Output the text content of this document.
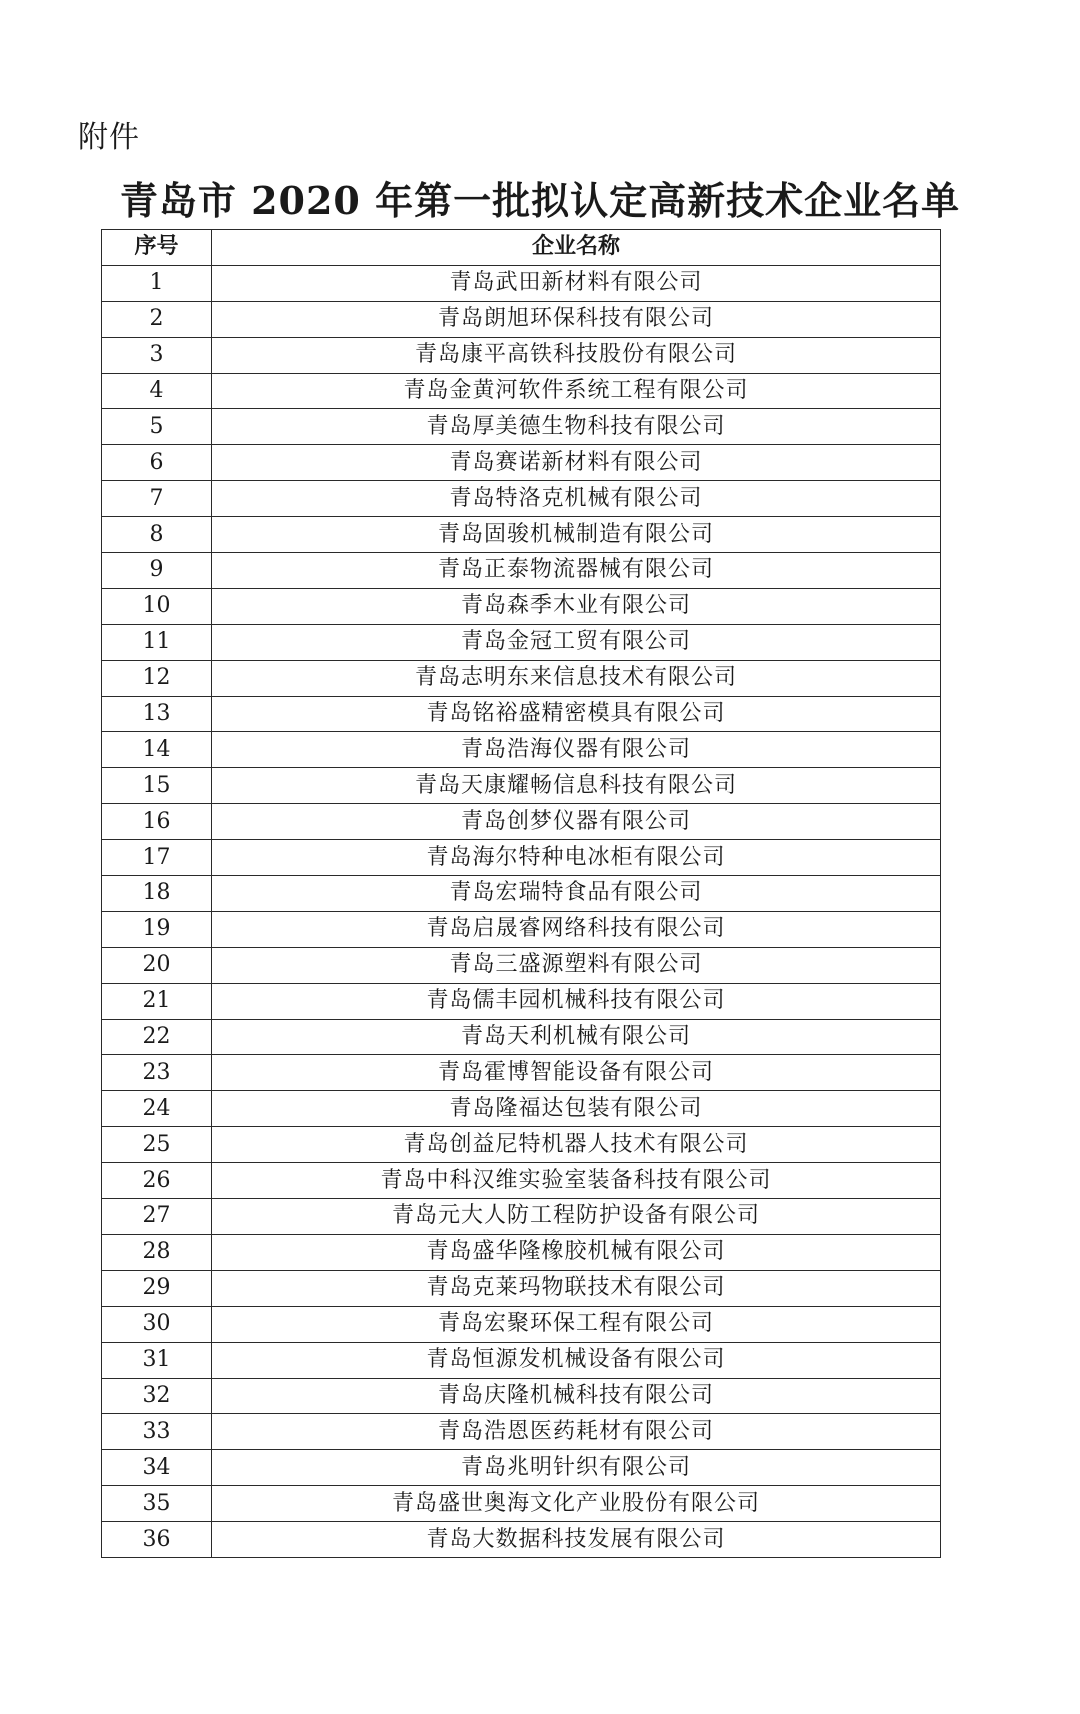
附件
青岛市 2020 年第一批拟认定高新技术企业名单
序号	企业名称
1	青岛武田新材料有限公司
2	青岛朗旭环保科技有限公司
3	青岛康平高铁科技股份有限公司
4	青岛金黄河软件系统工程有限公司
5	青岛厚美德生物科技有限公司
6	青岛赛诺新材料有限公司
7	青岛特洛克机械有限公司
8	青岛固骏机械制造有限公司
9	青岛正泰物流器械有限公司
10	青岛森季木业有限公司
11	青岛金冠工贸有限公司
12	青岛志明东来信息技术有限公司
13	青岛铭裕盛精密模具有限公司
14	青岛浩海仪器有限公司
15	青岛天康耀畅信息科技有限公司
16	青岛创梦仪器有限公司
17	青岛海尔特种电冰柜有限公司
18	青岛宏瑞特食品有限公司
19	青岛启晟睿网络科技有限公司
20	青岛三盛源塑料有限公司
21	青岛儒丰园机械科技有限公司
22	青岛天利机械有限公司
23	青岛霍博智能设备有限公司
24	青岛隆福达包装有限公司
25	青岛创益尼特机器人技术有限公司
26	青岛中科汉维实验室装备科技有限公司
27	青岛元大人防工程防护设备有限公司
28	青岛盛华隆橡胶机械有限公司
29	青岛克莱玛物联技术有限公司
30	青岛宏聚环保工程有限公司
31	青岛恒源发机械设备有限公司
32	青岛庆隆机械科技有限公司
33	青岛浩恩医药耗材有限公司
34	青岛兆明针织有限公司
35	青岛盛世奥海文化产业股份有限公司
36	青岛大数据科技发展有限公司
